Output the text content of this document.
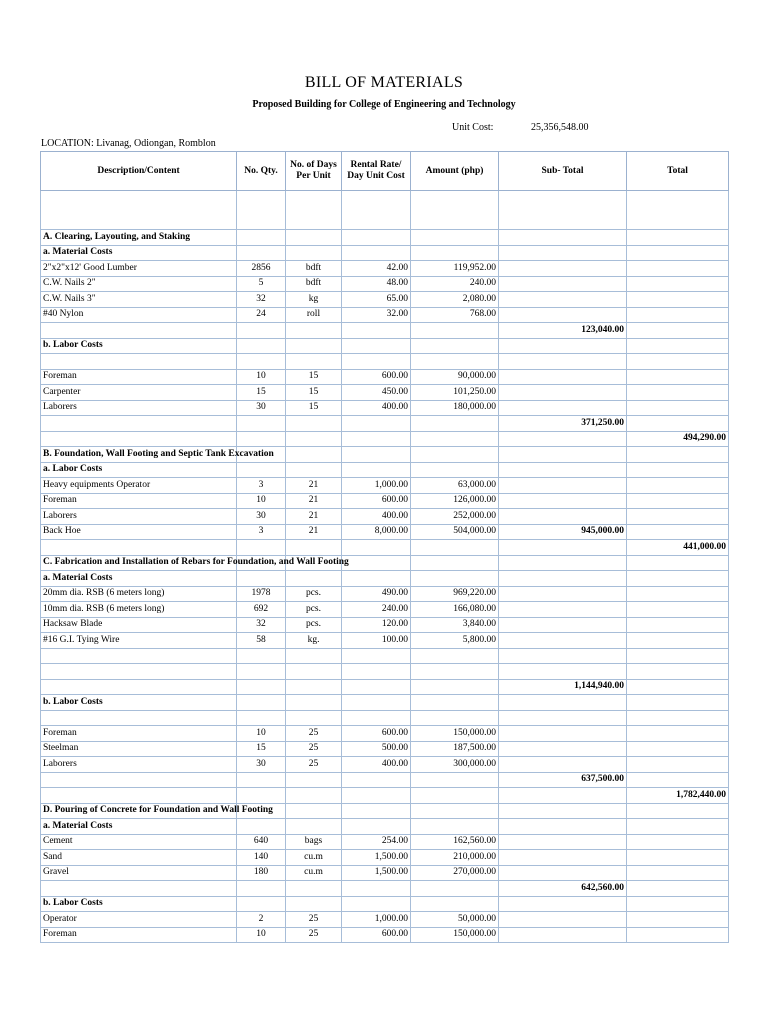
BILL OF MATERIALS
Proposed Building for College of Engineering and Technology
Unit Cost:	25,356,548.00
LOCATION: Livanag, Odiongan, Romblon
Description/Content	No. Qty.	No. of Days Per Unit	Rental Rate/ Day Unit Cost	Amount (php)	Sub- Total	Total

A. Clearing, Layouting, and Staking						
a. Material Costs						
2"x2"x12' Good Lumber	2856	bdft	42.00	119,952.00		
C.W. Nails 2"	5	bdft	48.00	240.00		
C.W. Nails 3"	32	kg	65.00	2,080.00		
#40 Nylon	24	roll	32.00	768.00		
					123,040.00	
b. Labor Costs						

Foreman	10	15	600.00	90,000.00		
Carpenter	15	15	450.00	101,250.00		
Laborers	30	15	400.00	180,000.00		
					371,250.00	
						494,290.00
B. Foundation, Wall Footing and Septic Tank Excavation						
a. Labor Costs						
Heavy equipments Operator	3	21	1,000.00	63,000.00		
Foreman	10	21	600.00	126,000.00		
Laborers	30	21	400.00	252,000.00		
Back Hoe	3	21	8,000.00	504,000.00	945,000.00	
						441,000.00
C. Fabrication and Installation of Rebars for Foundation, and Wall Footing						
a. Material Costs						
20mm dia. RSB (6 meters long)	1978	pcs.	490.00	969,220.00		
10mm dia. RSB (6 meters long)	692	pcs.	240.00	166,080.00		
Hacksaw Blade	32	pcs.	120.00	3,840.00		
#16 G.I. Tying Wire	58	kg.	100.00	5,800.00		

					1,144,940.00	
b. Labor Costs						

Foreman	10	25	600.00	150,000.00		
Steelman	15	25	500.00	187,500.00		
Laborers	30	25	400.00	300,000.00		
					637,500.00	
						1,782,440.00
D. Pouring of Concrete for Foundation and Wall Footing						
a. Material Costs						
Cement	640	bags	254.00	162,560.00		
Sand	140	cu.m	1,500.00	210,000.00		
Gravel	180	cu.m	1,500.00	270,000.00		
					642,560.00	
b. Labor Costs						
Operator	2	25	1,000.00	50,000.00		
Foreman	10	25	600.00	150,000.00		
